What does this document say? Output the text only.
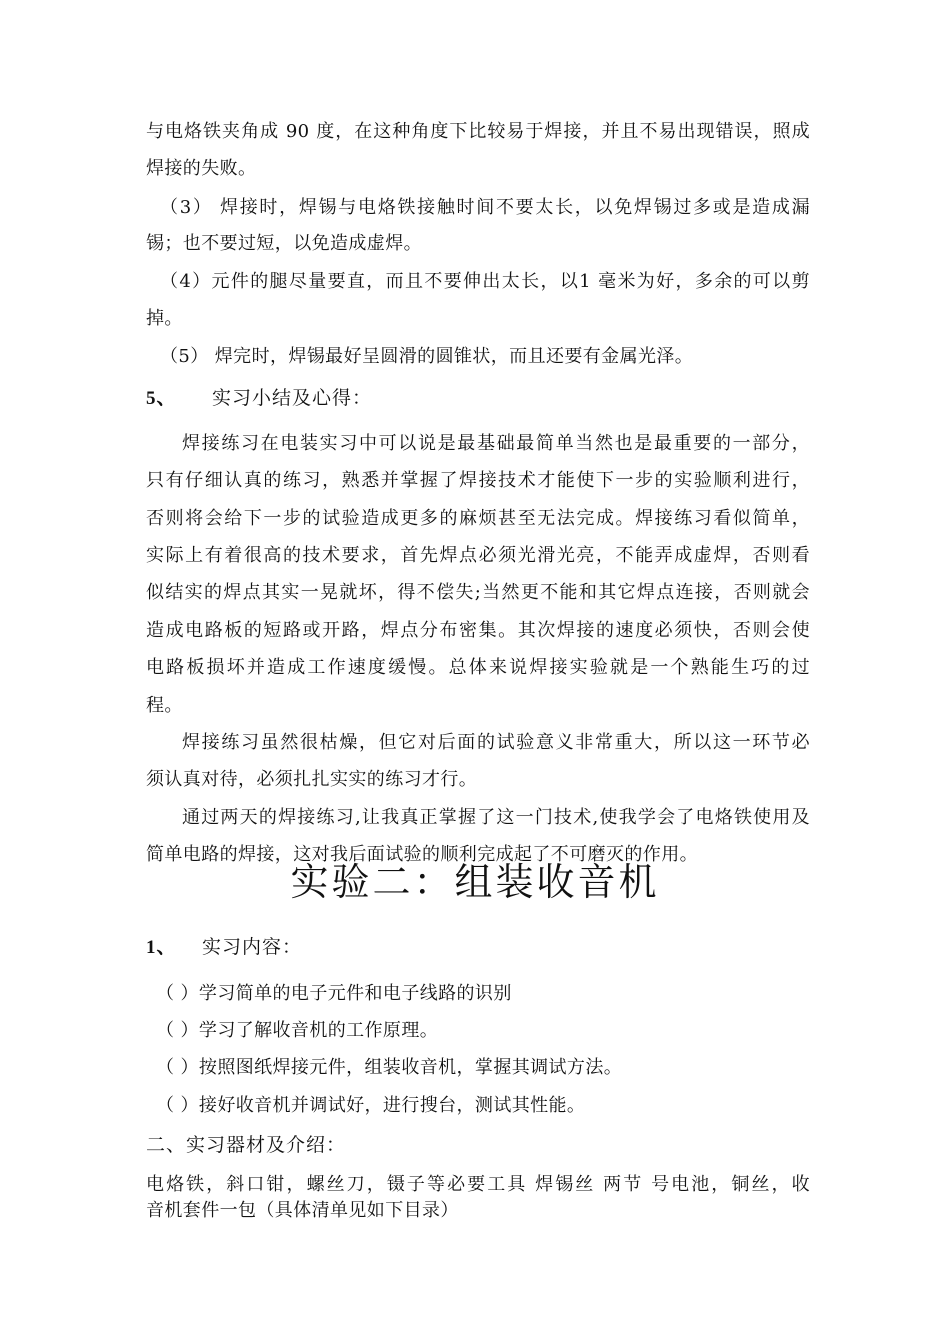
与电烙铁夹角成 90 度，在这种角度下比较易于焊接，并且不易出现错误，照成
焊接的失败。
（3） 焊接时，焊锡与电烙铁接触时间不要太长，以免焊锡过多或是造成漏
锡；也不要过短，以免造成虚焊。
（4）元件的腿尽量要直，而且不要伸出太长，以1 毫米为好，多余的可以剪
掉。
（5） 焊完时，焊锡最好呈圆滑的圆锥状，而且还要有金属光泽。
5、 实习小结及心得：
焊接练习在电装实习中可以说是最基础最简单当然也是最重要的一部分，
只有仔细认真的练习，熟悉并掌握了焊接技术才能使下一步的实验顺利进行，
否则将会给下一步的试验造成更多的麻烦甚至无法完成。焊接练习看似简单，
实际上有着很高的技术要求，首先焊点必须光滑光亮，不能弄成虚焊，否则看
似结实的焊点其实一晃就坏，得不偿失;当然更不能和其它焊点连接，否则就会
造成电路板的短路或开路，焊点分布密集。其次焊接的速度必须快，否则会使
电路板损坏并造成工作速度缓慢。总体来说焊接实验就是一个熟能生巧的过
程。
焊接练习虽然很枯燥，但它对后面的试验意义非常重大，所以这一环节必
须认真对待，必须扎扎实实的练习才行。
通过两天的焊接练习,让我真正掌握了这一门技术,使我学会了电烙铁使用及
简单电路的焊接，这对我后面试验的顺利完成起了不可磨灭的作用。
实验二：组装收音机
1、 实习内容：
（ ）学习简单的电子元件和电子线路的识别
（ ）学习了解收音机的工作原理。
（ ）按照图纸焊接元件，组装收音机，掌握其调试方法。
（ ）接好收音机并调试好，进行搜台，测试其性能。
二、实习器材及介绍：
电烙铁，斜口钳，螺丝刀，镊子等必要工具 焊锡丝 两节 号电池，铜丝，收
音机套件一包（具体清单见如下目录）
